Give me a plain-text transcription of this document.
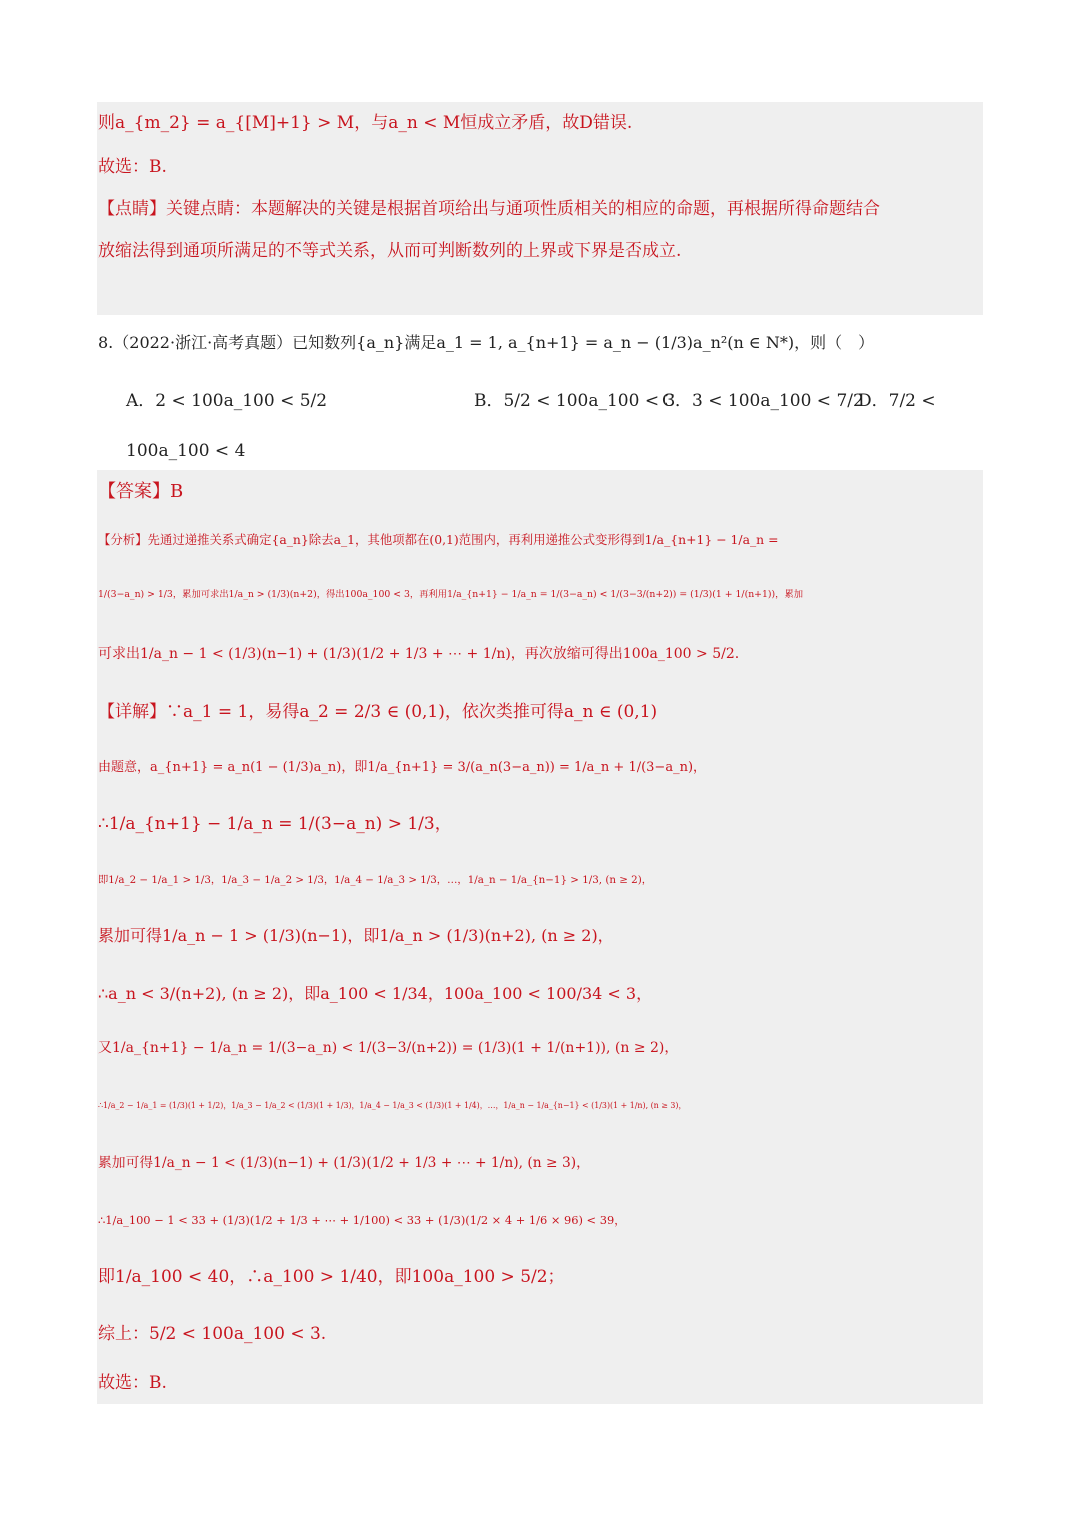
则a_{m_2} = a_{[M]+1} > M，与a_n < M恒成立矛盾，故D错误.
故选：B.
【点睛】关键点睛：本题解决的关键是根据首项给出与通项性质相关的相应的命题，再根据所得命题结合
放缩法得到通项所满足的不等式关系，从而可判断数列的上界或下界是否成立.
8.（2022·浙江·高考真题）已知数列{a_n}满足a_1 = 1, a_{n+1} = a_n − (1/3)a_n²(n ∈ N*)，则（　）
A．2 < 100a_100 < 5/2	B．5/2 < 100a_100 < 3
C．3 < 100a_100 < 7/2
D．7/2 <
100a_100 < 4
【答案】B
【分析】先通过递推关系式确定{a_n}除去a_1，其他项都在(0,1)范围内，再利用递推公式变形得到1/a_{n+1} − 1/a_n =
1/(3−a_n) > 1/3，累加可求出1/a_n > (1/3)(n+2)，得出100a_100 < 3，再利用1/a_{n+1} − 1/a_n = 1/(3−a_n) < 1/(3−3/(n+2)) = (1/3)(1 + 1/(n+1))，累加
可求出1/a_n − 1 < (1/3)(n−1) + (1/3)(1/2 + 1/3 + ⋯ + 1/n)，再次放缩可得出100a_100 > 5/2.
【详解】∵a_1 = 1，易得a_2 = 2/3 ∈ (0,1)，依次类推可得a_n ∈ (0,1)
由题意，a_{n+1} = a_n(1 − (1/3)a_n)，即1/a_{n+1} = 3/(a_n(3−a_n)) = 1/a_n + 1/(3−a_n)，
∴1/a_{n+1} − 1/a_n = 1/(3−a_n) > 1/3，
即1/a_2 − 1/a_1 > 1/3，1/a_3 − 1/a_2 > 1/3，1/a_4 − 1/a_3 > 1/3，…，1/a_n − 1/a_{n−1} > 1/3, (n ≥ 2)，
累加可得1/a_n − 1 > (1/3)(n−1)，即1/a_n > (1/3)(n+2), (n ≥ 2)，
∴a_n < 3/(n+2), (n ≥ 2)，即a_100 < 1/34，100a_100 < 100/34 < 3，
又1/a_{n+1} − 1/a_n = 1/(3−a_n) < 1/(3−3/(n+2)) = (1/3)(1 + 1/(n+1)), (n ≥ 2)，
∴1/a_2 − 1/a_1 = (1/3)(1 + 1/2)，1/a_3 − 1/a_2 < (1/3)(1 + 1/3)，1/a_4 − 1/a_3 < (1/3)(1 + 1/4)，…，1/a_n − 1/a_{n−1} < (1/3)(1 + 1/n), (n ≥ 3)，
累加可得1/a_n − 1 < (1/3)(n−1) + (1/3)(1/2 + 1/3 + ⋯ + 1/n), (n ≥ 3)，
∴1/a_100 − 1 < 33 + (1/3)(1/2 + 1/3 + ⋯ + 1/100) < 33 + (1/3)(1/2 × 4 + 1/6 × 96) < 39，
即1/a_100 < 40，∴a_100 > 1/40，即100a_100 > 5/2；
综上：5/2 < 100a_100 < 3.
故选：B.
